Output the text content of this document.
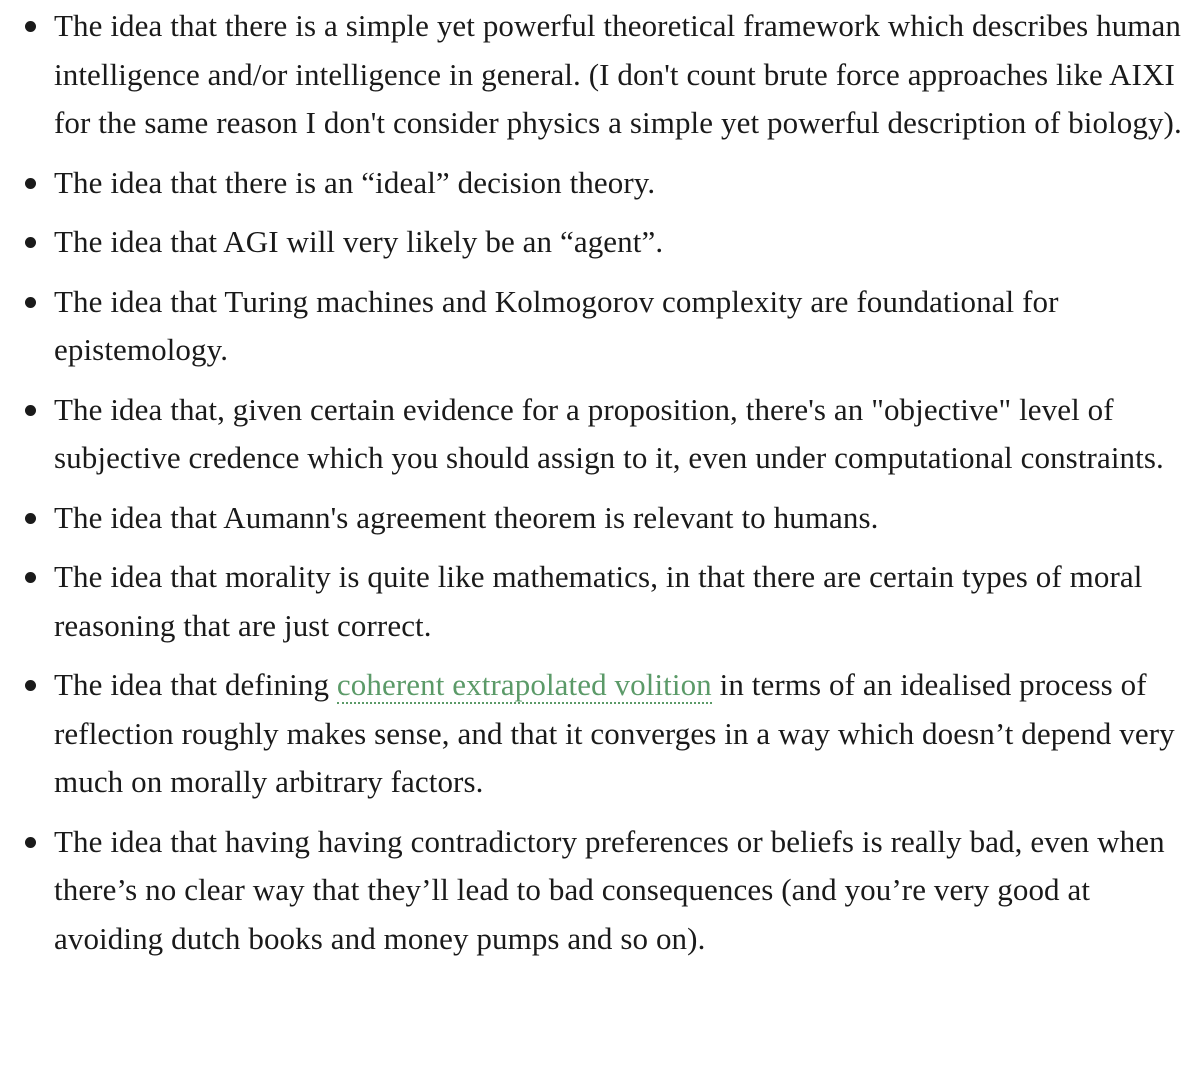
The idea that there is a simple yet powerful theoretical framework which describes human intelligence and/or intelligence in general. (I don't count brute force approaches like AIXI for the same reason I don't consider physics a simple yet powerful description of biology).
The idea that there is an “ideal” decision theory.
The idea that AGI will very likely be an “agent”.
The idea that Turing machines and Kolmogorov complexity are foundational for epistemology.
The idea that, given certain evidence for a proposition, there's an "objective" level of subjective credence which you should assign to it, even under computational constraints.
The idea that Aumann's agreement theorem is relevant to humans.
The idea that morality is quite like mathematics, in that there are certain types of moral reasoning that are just correct.
The idea that defining coherent extrapolated volition in terms of an idealised process of reflection roughly makes sense, and that it converges in a way which doesn’t depend very much on morally arbitrary factors.
The idea that having having contradictory preferences or beliefs is really bad, even when there’s no clear way that they’ll lead to bad consequences (and you’re very good at avoiding dutch books and money pumps and so on).
